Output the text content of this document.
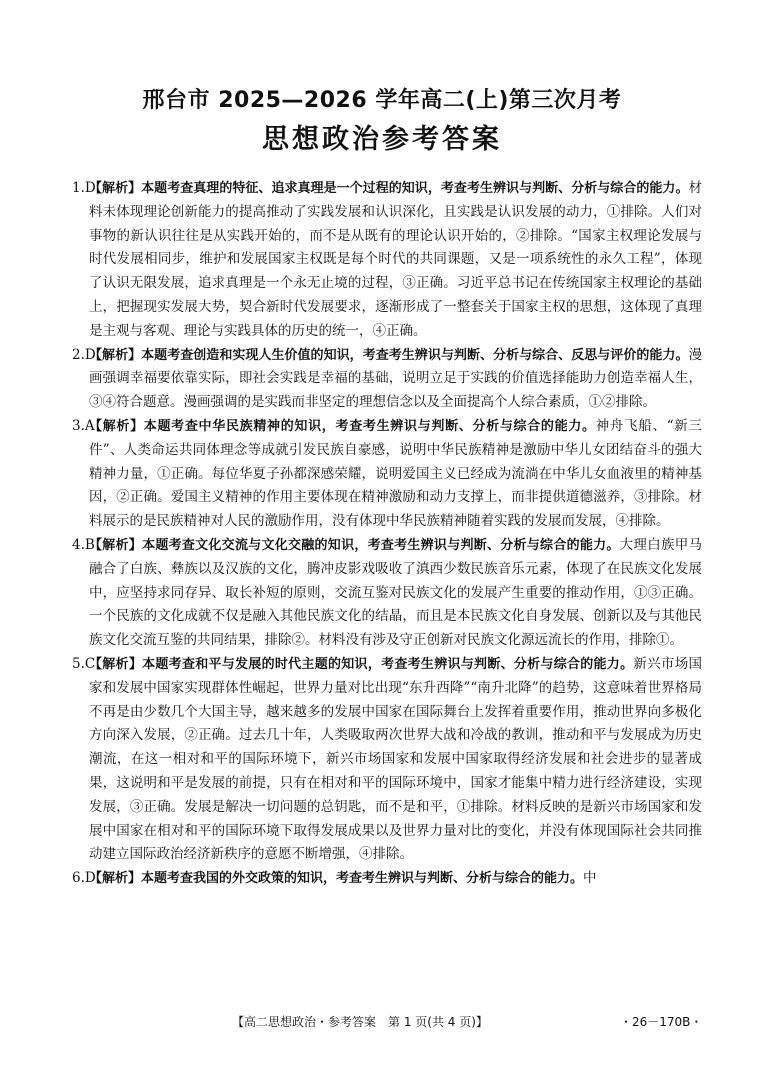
邢台市 2025—2026 学年高二(上)第三次月考
思想政治参考答案
1.D
【解析】本题考查真理的特征、追求真理是一个过程的知识，考查考生辨识与判断、分析与综合的能力。材料未体现理论创新能力的提高推动了实践发展和认识深化，且实践是认识发展的动力，①排除。人们对事物的新认识往往是从实践开始的，而不是从既有的理论认识开始的，②排除。“国家主权理论发展与时代发展相同步，维护和发展国家主权既是每个时代的共同课题，又是一项系统性的永久工程”，体现了认识无限发展，追求真理是一个永无止境的过程，③正确。习近平总书记在传统国家主权理论的基础上，把握现实发展大势，契合新时代发展要求，逐渐形成了一整套关于国家主权的思想，这体现了真理是主观与客观、理论与实践具体的历史的统一，④正确。
2.D
【解析】本题考查创造和实现人生价值的知识，考查考生辨识与判断、分析与综合、反思与评价的能力。漫画强调幸福要依靠实际，即社会实践是幸福的基础，说明立足于实践的价值选择能助力创造幸福人生，③④符合题意。漫画强调的是实践而非坚定的理想信念以及全面提高个人综合素质，①②排除。
3.A
【解析】本题考查中华民族精神的知识，考查考生辨识与判断、分析与综合的能力。神舟飞船、“新三件”、人类命运共同体理念等成就引发民族自豪感，说明中华民族精神是激励中华儿女团结奋斗的强大精神力量，①正确。每位华夏子孙都深感荣耀，说明爱国主义已经成为流淌在中华儿女血液里的精神基因，②正确。爱国主义精神的作用主要体现在精神激励和动力支撑上，而非提供道德滋养，③排除。材料展示的是民族精神对人民的激励作用，没有体现中华民族精神随着实践的发展而发展，④排除。
4.B
【解析】本题考查文化交流与文化交融的知识，考查考生辨识与判断、分析与综合的能力。大理白族甲马融合了白族、彝族以及汉族的文化，腾冲皮影戏吸收了滇西少数民族音乐元素，体现了在民族文化发展中，应坚持求同存异、取长补短的原则，交流互鉴对民族文化的发展产生重要的推动作用，①③正确。一个民族的文化成就不仅是融入其他民族文化的结晶，而且是本民族文化自身发展、创新以及与其他民族文化交流互鉴的共同结果，排除②。材料没有涉及守正创新对民族文化源远流长的作用，排除①。
5.C
【解析】本题考查和平与发展的时代主题的知识，考查考生辨识与判断、分析与综合的能力。新兴市场国家和发展中国家实现群体性崛起，世界力量对比出现“东升西降”“南升北降”的趋势，这意味着世界格局不再是由少数几个大国主导，越来越多的发展中国家在国际舞台上发挥着重要作用，推动世界向多极化方向深入发展，②正确。过去几十年，人类吸取两次世界大战和冷战的教训，推动和平与发展成为历史潮流，在这一相对和平的国际环境下，新兴市场国家和发展中国家取得经济发展和社会进步的显著成果，这说明和平是发展的前提，只有在相对和平的国际环境中，国家才能集中精力进行经济建设，实现发展，③正确。发展是解决一切问题的总钥匙，而不是和平，①排除。材料反映的是新兴市场国家和发展中国家在相对和平的国际环境下取得发展成果以及世界力量对比的变化，并没有体现国际社会共同推动建立国际政治经济新秩序的意愿不断增强，④排除。
6.D
【解析】本题考查我国的外交政策的知识，考查考生辨识与判断、分析与综合的能力。中
【高二思想政治・参考答案　第 1 页(共 4 页)】	・26－170B・
